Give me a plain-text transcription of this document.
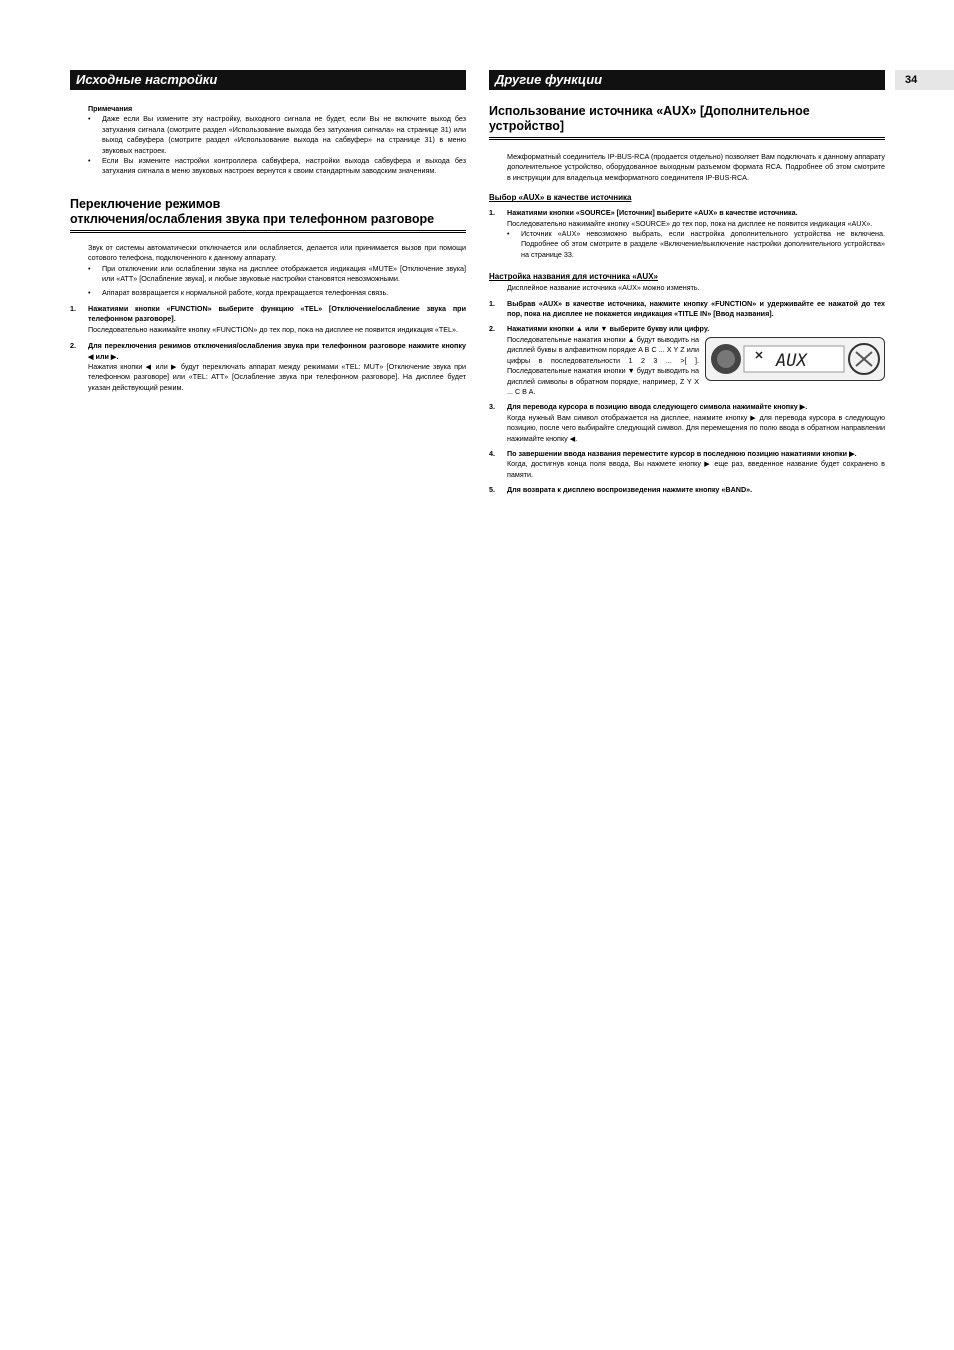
Исходные настройки
Примечания
• Даже если Вы измените эту настройку, выходного сигнала не будет, если Вы не включите выход без затухания сигнала (смотрите раздел «Использование выхода без затухания сигнала» на странице 31) или выход сабвуфера (смотрите раздел «Использование выхода на сабвуфер» на странице 31) в меню звуковых настроек.
• Если Вы измените настройки контроллера сабвуфера, настройки выхода сабвуфера и выхода без затухания сигнала в меню звуковых настроек вернутся к своим стандартным заводским значениям.
Переключение режимов
отключения/ослабления звука при телефонном разговоре

Звук от системы автоматически отключается или ослабляется, делается или принимается вызов при помощи сотового телефона, подключенного к данному аппарату.

• При отключении или ослаблении звука на дисплее отображается индикация «MUTE» [Отключение звука] или «ATT» [Ослабление звука], и любые звуковые настройки становятся невозможными.
• Аппарат возвращается к нормальной работе, когда прекращается телефонная связь.
1. Нажатиями кнопки «FUNCTION» выберите функцию «TEL» [Отключение/ослабление звука при телефонном разговоре].

Последовательно нажимайте кнопку «FUNCTION» до тех пор, пока на дисплее не появится индикация «TEL».

2. Для переключения режимов отключения/ослабления звука при телефонном разговоре нажмите кнопку ◀ или ▶.

Нажатия кнопки ◀ или ▶ будут переключать аппарат между режимами «TEL: MUT» [Отключение звука при телефонном разговоре] или «TEL: ATT» [Ослабление звука при телефонном разговоре]. На дисплее будет указан действующий режим.

Другие функции
Использование источника «AUX» [Дополнительное устройство]

Межформатный соединитель IP-BUS-RCA (продается отдельно) позволяет Вам подключать к данному аппарату дополнительное устройство, оборудованное выходным разъемом формата RCA. Подробнее об этом смотрите в инструкции для владельца межформатного соединителя IP-BUS-RCA.

Выбор «AUX» в качестве источника
1. Нажатиями кнопки «SOURCE» [Источник] выберите «AUX» в качестве источника.

Последовательно нажимайте кнопку «SOURCE» до тех пор, пока на дисплее не появится индикация «AUX».

• Источник «AUX» невозможно выбрать, если настройка дополнительного устройства не включена. Подробнее об этом смотрите в разделе «Включение/выключение настройки дополнительного устройства» на странице 33.
Настройка названия для источника «AUX»

Дисплейное название источника «AUX» можно изменять.

1. Выбрав «AUX» в качестве источника, нажмите кнопку «FUNCTION» и удерживайте ее нажатой до тех пор, пока на дисплее не покажется индикация «TITLE IN» [Ввод названия].

2. Нажатиями кнопки ▲ или ▼ выберите букву или цифру.

AUX

Последовательные нажатия кнопки ▲ будут выводить на дисплей буквы в алфавитном порядке A B C ... X Y Z или цифры в последовательности 1 2 3 ... >[ ]. Последовательные нажатия кнопки ▼ будут выводить на дисплей символы в обратном порядке, например, Z Y X ... C B A.

3. Для перевода курсора в позицию ввода следующего символа нажимайте кнопку ▶.

Когда нужный Вам символ отображается на дисплее, нажмите кнопку ▶ для перевода курсора в следующую позицию, после чего выбирайте следующий символ. Для перемещения по полю ввода в обратном направлении нажимайте кнопку ◀.

4. По завершении ввода названия переместите курсор в последнюю позицию нажатиями кнопки ▶.

Когда, достигнув конца поля ввода, Вы нажмете кнопку ▶ еще раз, введенное название будет сохранено в памяти.

5. Для возврата к дисплею воспроизведения нажмите кнопку «BAND».

34
